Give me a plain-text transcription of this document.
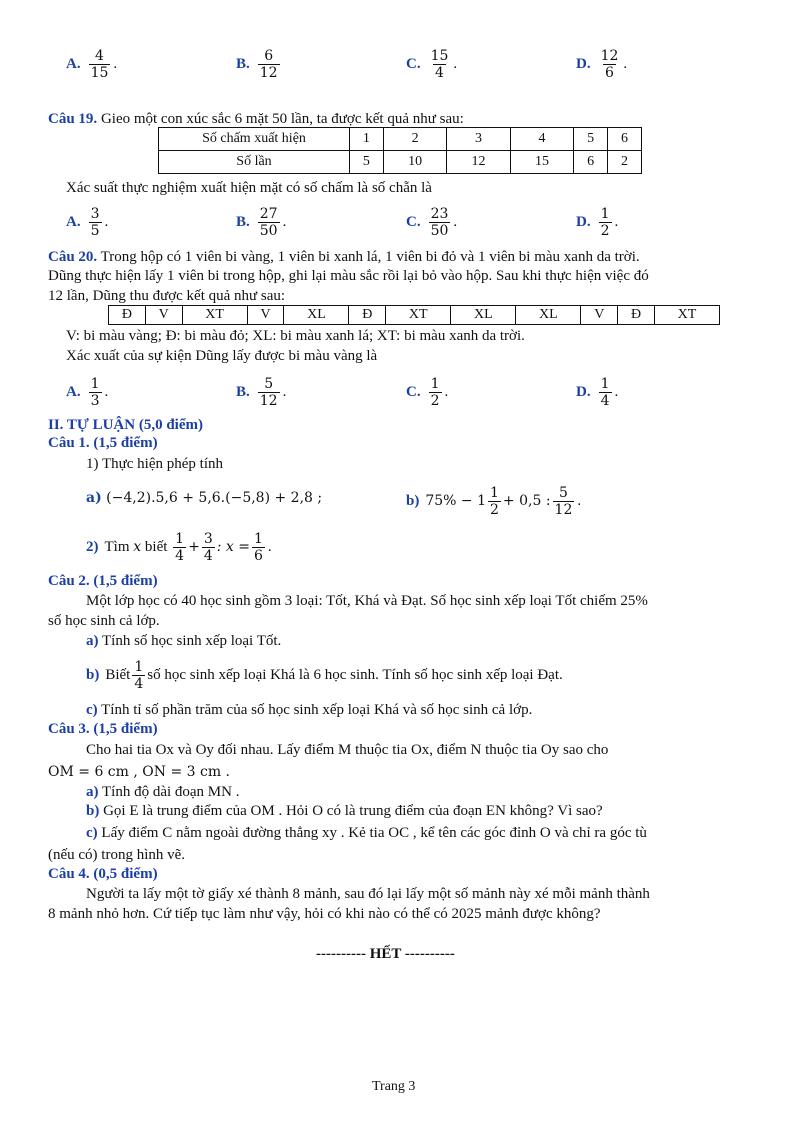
A. $\frac{4}{15}$ .	B. $\frac{6}{12}$	C. $\frac{15}{4}$ .	D. $\frac{12}{6}$ .
Câu 19. Gieo một con xúc sắc 6 mặt 50 lần, ta được kết quả như sau:
Số chấm xuất hiện	1	2	3	4	5	6
Số lần	5	10	12	15	6	2
Xác suất thực nghiệm xuất hiện mặt có số chấm là số chẵn là
A. $\frac{3}{5}$ .	B. $\frac{27}{50}$ .	C. $\frac{23}{50}$ .	D. $\frac{1}{2}$ .
Câu 20. Trong hộp có 1 viên bi vàng, 1 viên bi xanh lá, 1 viên bi đỏ và 1 viên bi màu xanh da trời.
Dũng thực hiện lấy 1 viên bi trong hộp, ghi lại màu sắc rồi lại bỏ vào hộp. Sau khi thực hiện việc đó
12 lần, Dũng thu được kết quả như sau:
Đ	V	XT	V	XL	Đ	XT	XL	XL	V	Đ	XT
V: bi màu vàng; Đ: bi màu đỏ; XL: bi màu xanh lá; XT: bi màu xanh da trời.
Xác xuất của sự kiện Dũng lấy được bi màu vàng là
A. $\frac{1}{3}$ .	B. $\frac{5}{12}$ .	C. $\frac{1}{2}$ .	D. $\frac{1}{4}$ .
II. TỰ LUẬN (5,0 điểm)
Câu 1. (1,5 điểm)
1) Thực hiện phép tính
a) (−4,2).5,6 + 5,6.(−5,8) + 2,8 ;	b) $75\% - 1 \frac{1}{2} + 0,5$ : $\frac{5}{12}$ .
2) Tìm
x
biết
$\frac{1}{4} + \frac{3}{4}$ : $x = \frac{1}{6}$ .
Câu 2. (1,5 điểm)
Một lớp học có 40 học sinh gồm 3 loại: Tốt, Khá và Đạt. Số học sinh xếp loại Tốt chiếm 25%
số học sinh cả lớp.
a) Tính số học sinh xếp loại Tốt.
b) Biết $\frac{1}{4}$ số học sinh xếp loại Khá là 6 học sinh. Tính số học sinh xếp loại Đạt.
c) Tính tỉ số phần trăm của số học sinh xếp loại Khá và số học sinh cả lớp.
Câu 3. (1,5 điểm)
Cho hai tia Ox và Oy đối nhau. Lấy điểm M thuộc tia Ox, điểm N thuộc tia Oy sao cho
OM = 6 cm , ON = 3 cm .
a) Tính độ dài đoạn MN .
b) Gọi E là trung điểm của OM . Hỏi O có là trung điểm của đoạn EN không? Vì sao?
c) Lấy điểm C nằm ngoài đường thẳng xy . Kẻ tia OC , kể tên các góc đỉnh O và chỉ ra góc tù
(nếu có) trong hình vẽ.
Câu 4. (0,5 điểm)
Người ta lấy một tờ giấy xé thành 8 mảnh, sau đó lại lấy một số mảnh này xé mỗi mảnh thành
8 mảnh nhỏ hơn. Cứ tiếp tục làm như vậy, hỏi có khi nào có thể có 2025 mảnh được không?
---------- HẾT ----------
Trang 3
